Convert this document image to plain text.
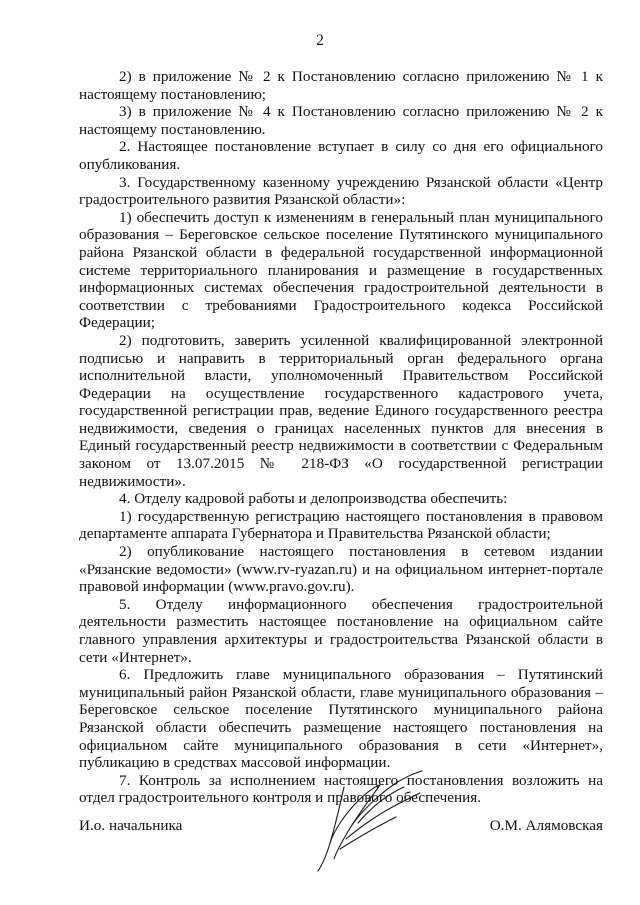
2

2) в приложение № 2 к Постановлению согласно приложению № 1 к настоящему постановлению;

3) в приложение № 4 к Постановлению согласно приложению № 2 к настоящему постановлению.

2. Настоящее постановление вступает в силу со дня его официального опубликования.

3. Государственному казенному учреждению Рязанской области «Центр градостроительного развития Рязанской области»:

1) обеспечить доступ к изменениям в генеральный план муниципального образования – Береговское сельское поселение Путятинского муниципального района Рязанской области в федеральной государственной информационной системе территориального планирования и размещение в государственных информационных системах обеспечения градостроительной деятельности в соответствии с требованиями Градостроительного кодекса Российской Федерации;

2) подготовить, заверить усиленной квалифицированной электронной подписью и направить в территориальный орган федерального органа исполнительной власти, уполномоченный Правительством Российской Федерации на осуществление государственного кадастрового учета, государственной регистрации прав, ведение Единого государственного реестра недвижимости, сведения о границах населенных пунктов для внесения в Единый государственный реестр недвижимости в соответствии с Федеральным законом от 13.07.2015 № 218-ФЗ «О государственной регистрации недвижимости».

4. Отделу кадровой работы и делопроизводства обеспечить:

1) государственную регистрацию настоящего постановления в правовом департаменте аппарата Губернатора и Правительства Рязанской области;

2) опубликование настоящего постановления в сетевом издании «Рязанские ведомости» (www.rv-ryazan.ru) и на официальном интернет-портале правовой информации (www.pravo.gov.ru).

5. Отделу информационного обеспечения градостроительной деятельности разместить настоящее постановление на официальном сайте главного управления архитектуры и градостроительства Рязанской области в сети «Интернет».

6. Предложить главе муниципального образования – Путятинский муниципальный район Рязанской области, главе муниципального образования – Береговское сельское поселение Путятинского муниципального района Рязанской области обеспечить размещение настоящего постановления на официальном сайте муниципального образования в сети «Интернет», публикацию в средствах массовой информации.

7. Контроль за исполнением настоящего постановления возложить на отдел градостроительного контроля и правового обеспечения.

И.о. начальника	О.М. Алямовская
